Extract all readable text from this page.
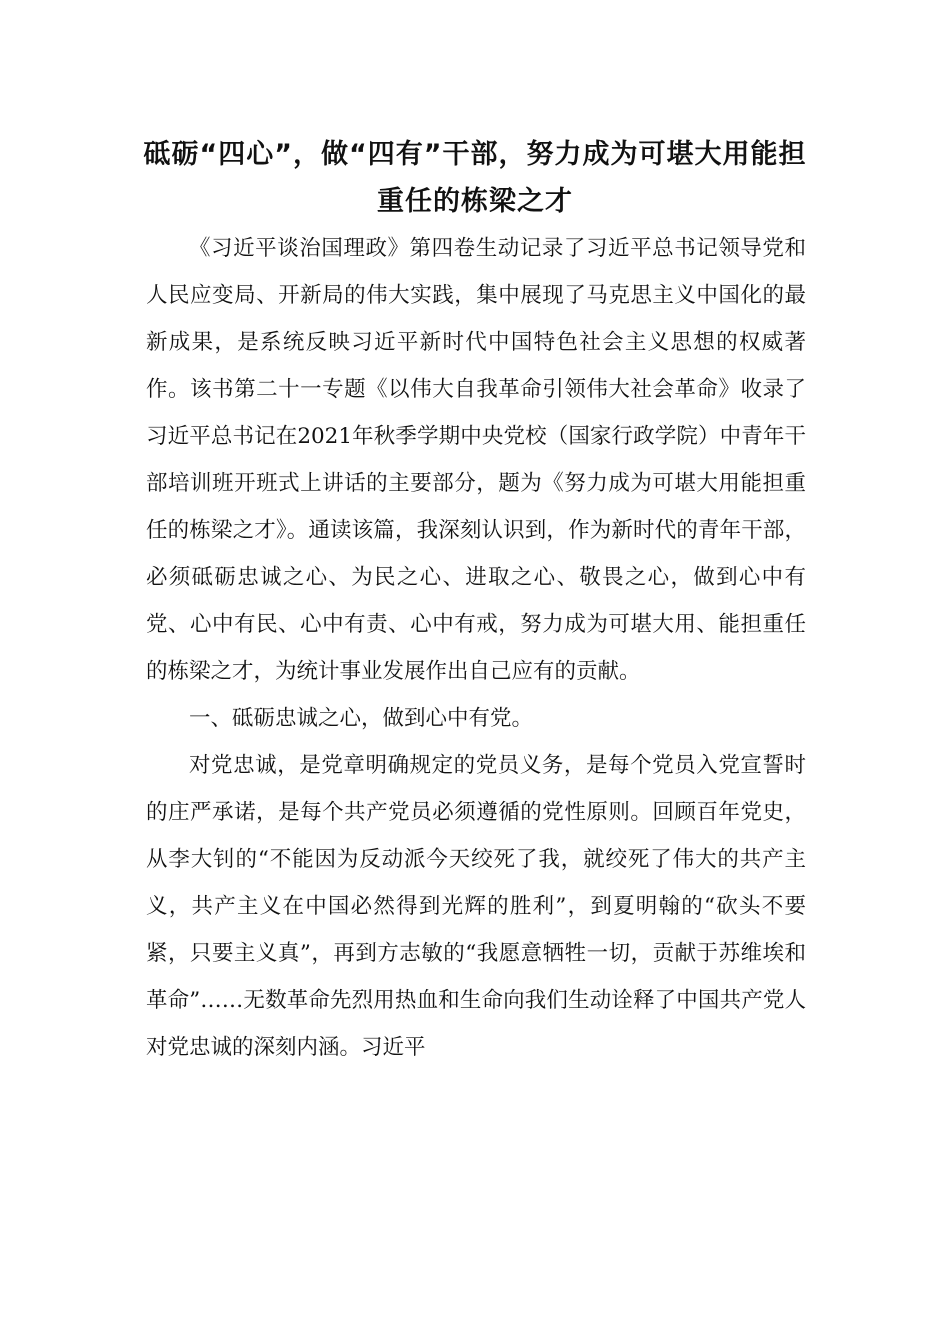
砥砺“四心”，做“四有”干部，努力成为可堪大用能担
重任的栋梁之才

《习近平谈治国理政》第四卷生动记录了习近平总书记领导党和人民应变局、开新局的伟大实践，集中展现了马克思主义中国化的最新成果，是系统反映习近平新时代中国特色社会主义思想的权威著作。该书第二十一专题《以伟大自我革命引领伟大社会革命》收录了习近平总书记在2021年秋季学期中央党校（国家行政学院）中青年干部培训班开班式上讲话的主要部分，题为《努力成为可堪大用能担重任的栋梁之才》。通读该篇，我深刻认识到，作为新时代的青年干部，必须砥砺忠诚之心、为民之心、进取之心、敬畏之心，做到心中有党、心中有民、心中有责、心中有戒，努力成为可堪大用、能担重任的栋梁之才，为统计事业发展作出自己应有的贡献。

一、砥砺忠诚之心，做到心中有党。

对党忠诚，是党章明确规定的党员义务，是每个党员入党宣誓时的庄严承诺，是每个共产党员必须遵循的党性原则。回顾百年党史，从李大钊的“不能因为反动派今天绞死了我，就绞死了伟大的共产主义，共产主义在中国必然得到光辉的胜利”，到夏明翰的“砍头不要紧，只要主义真”，再到方志敏的“我愿意牺牲一切，贡献于苏维埃和革命”……无数革命先烈用热血和生命向我们生动诠释了中国共产党人对党忠诚的深刻内涵。习近平
